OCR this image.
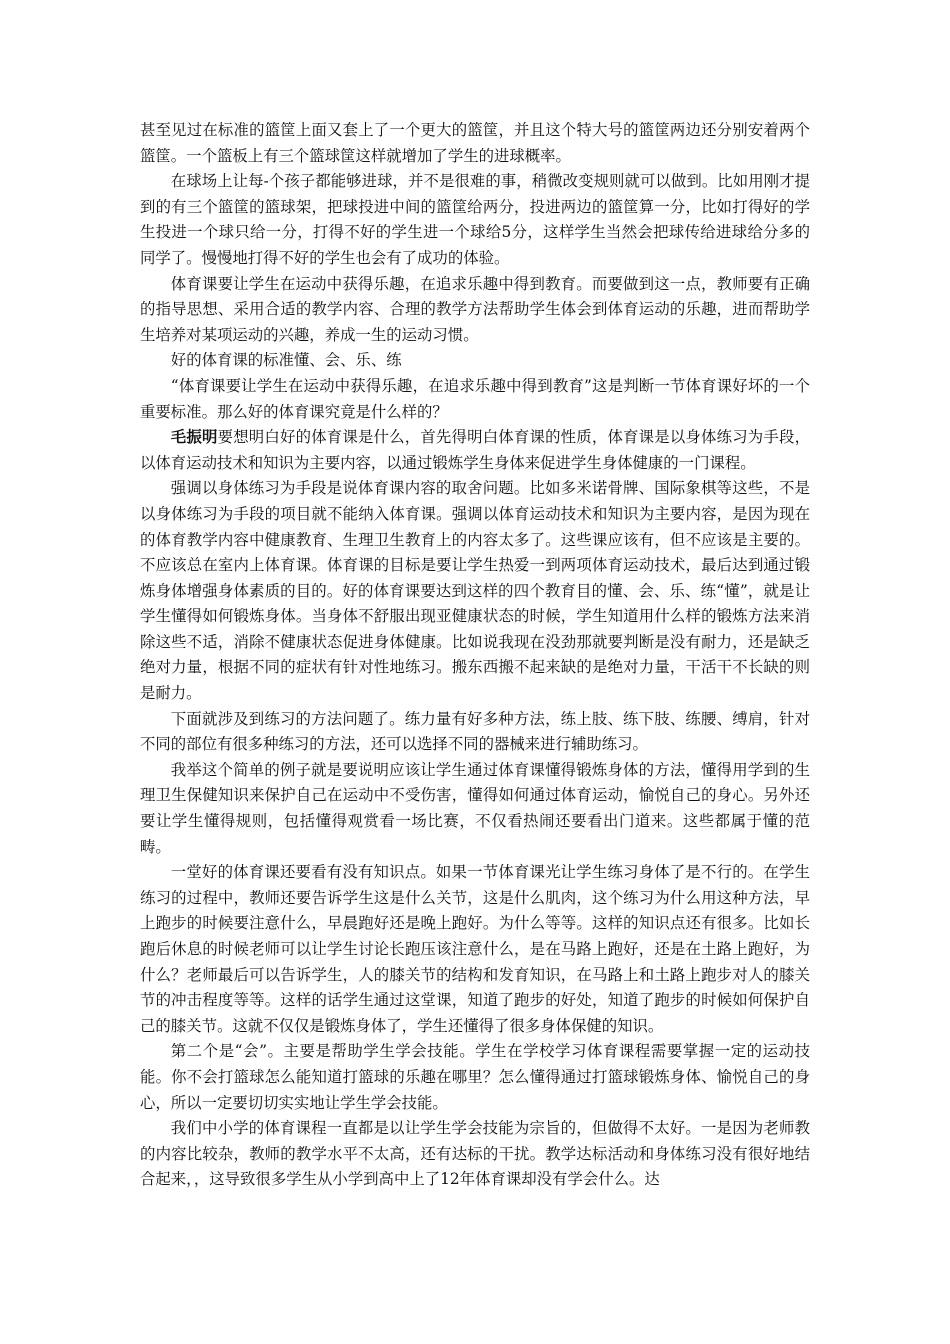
甚至见过在标准的篮筐上面又套上了一个更大的篮筐，并且这个特大号的篮筐两边还分别安着两个篮筐。一个篮板上有三个篮球筐这样就增加了学生的进球概率。

在球场上让每-个孩子都能够进球，并不是很难的事，稍微改变规则就可以做到。比如用刚才提到的有三个篮筐的篮球架，把球投进中间的篮筐给两分，投进两边的篮筐算一分，比如打得好的学生投进一个球只给一分，打得不好的学生进一个球给5分，这样学生当然会把球传给进球给分多的同学了。慢慢地打得不好的学生也会有了成功的体验。

体育课要让学生在运动中获得乐趣，在追求乐趣中得到教育。而要做到这一点，教师要有正确的指导思想、采用合适的教学内容、合理的教学方法帮助学生体会到体育运动的乐趣，进而帮助学生培养对某项运动的兴趣，养成一生的运动习惯。

好的体育课的标准懂、会、乐、练

“体育课要让学生在运动中获得乐趣，在追求乐趣中得到教育”这是判断一节体育课好坏的一个重要标准。那么好的体育课究竟是什么样的？

毛振明要想明白好的体育课是什么，首先得明白体育课的性质，体育课是以身体练习为手段，以体育运动技术和知识为主要内容，以通过锻炼学生身体来促进学生身体健康的一门课程。

强调以身体练习为手段是说体育课内容的取舍问题。比如多米诺骨牌、国际象棋等这些，不是以身体练习为手段的项目就不能纳入体育课。强调以体育运动技术和知识为主要内容，是因为现在的体育教学内容中健康教育、生理卫生教育上的内容太多了。这些课应该有，但不应该是主要的。不应该总在室内上体育课。体育课的目标是要让学生热爱一到两项体育运动技术，最后达到通过锻炼身体增强身体素质的目的。好的体育课要达到这样的四个教育目的懂、会、乐、练“懂”，就是让学生懂得如何锻炼身体。当身体不舒服出现亚健康状态的时候，学生知道用什么样的锻炼方法来消除这些不适，消除不健康状态促进身体健康。比如说我现在没劲那就要判断是没有耐力，还是缺乏绝对力量，根据不同的症状有针对性地练习。搬东西搬不起来缺的是绝对力量，干活干不长缺的则是耐力。

下面就涉及到练习的方法问题了。练力量有好多种方法，练上肢、练下肢、练腰、缚肩，针对不同的部位有很多种练习的方法，还可以选择不同的器械来进行辅助练习。

我举这个简单的例子就是要说明应该让学生通过体育课懂得锻炼身体的方法，懂得用学到的生理卫生保健知识来保护自己在运动中不受伤害，懂得如何通过体育运动，愉悦自己的身心。另外还要让学生懂得规则，包括懂得观赏看一场比赛，不仅看热闹还要看出门道来。这些都属于懂的范畴。

一堂好的体育课还要看有没有知识点。如果一节体育课光让学生练习身体了是不行的。在学生练习的过程中，教师还要告诉学生这是什么关节，这是什么肌肉，这个练习为什么用这种方法，早上跑步的时候要注意什么，早晨跑好还是晚上跑好。为什么等等。这样的知识点还有很多。比如长跑后休息的时候老师可以让学生讨论长跑压该注意什么，是在马路上跑好，还是在土路上跑好，为什么？老师最后可以告诉学生，人的膝关节的结构和发育知识，在马路上和土路上跑步对人的膝关节的冲击程度等等。这样的话学生通过这堂课，知道了跑步的好处，知道了跑步的时候如何保护自己的膝关节。这就不仅仅是锻炼身体了，学生还懂得了很多身体保健的知识。

第二个是“会”。主要是帮助学生学会技能。学生在学校学习体育课程需要掌握一定的运动技能。你不会打篮球怎么能知道打篮球的乐趣在哪里？怎么懂得通过打篮球锻炼身体、愉悦自己的身心，所以一定要切切实实地让学生学会技能。

我们中小学的体育课程一直都是以让学生学会技能为宗旨的，但做得不太好。一是因为老师教的内容比较杂，教师的教学水平不太高，还有达标的干扰。教学达标活动和身体练习没有很好地结合起来，，这导致很多学生从小学到高中上了12年体育课却没有学会什么。达
